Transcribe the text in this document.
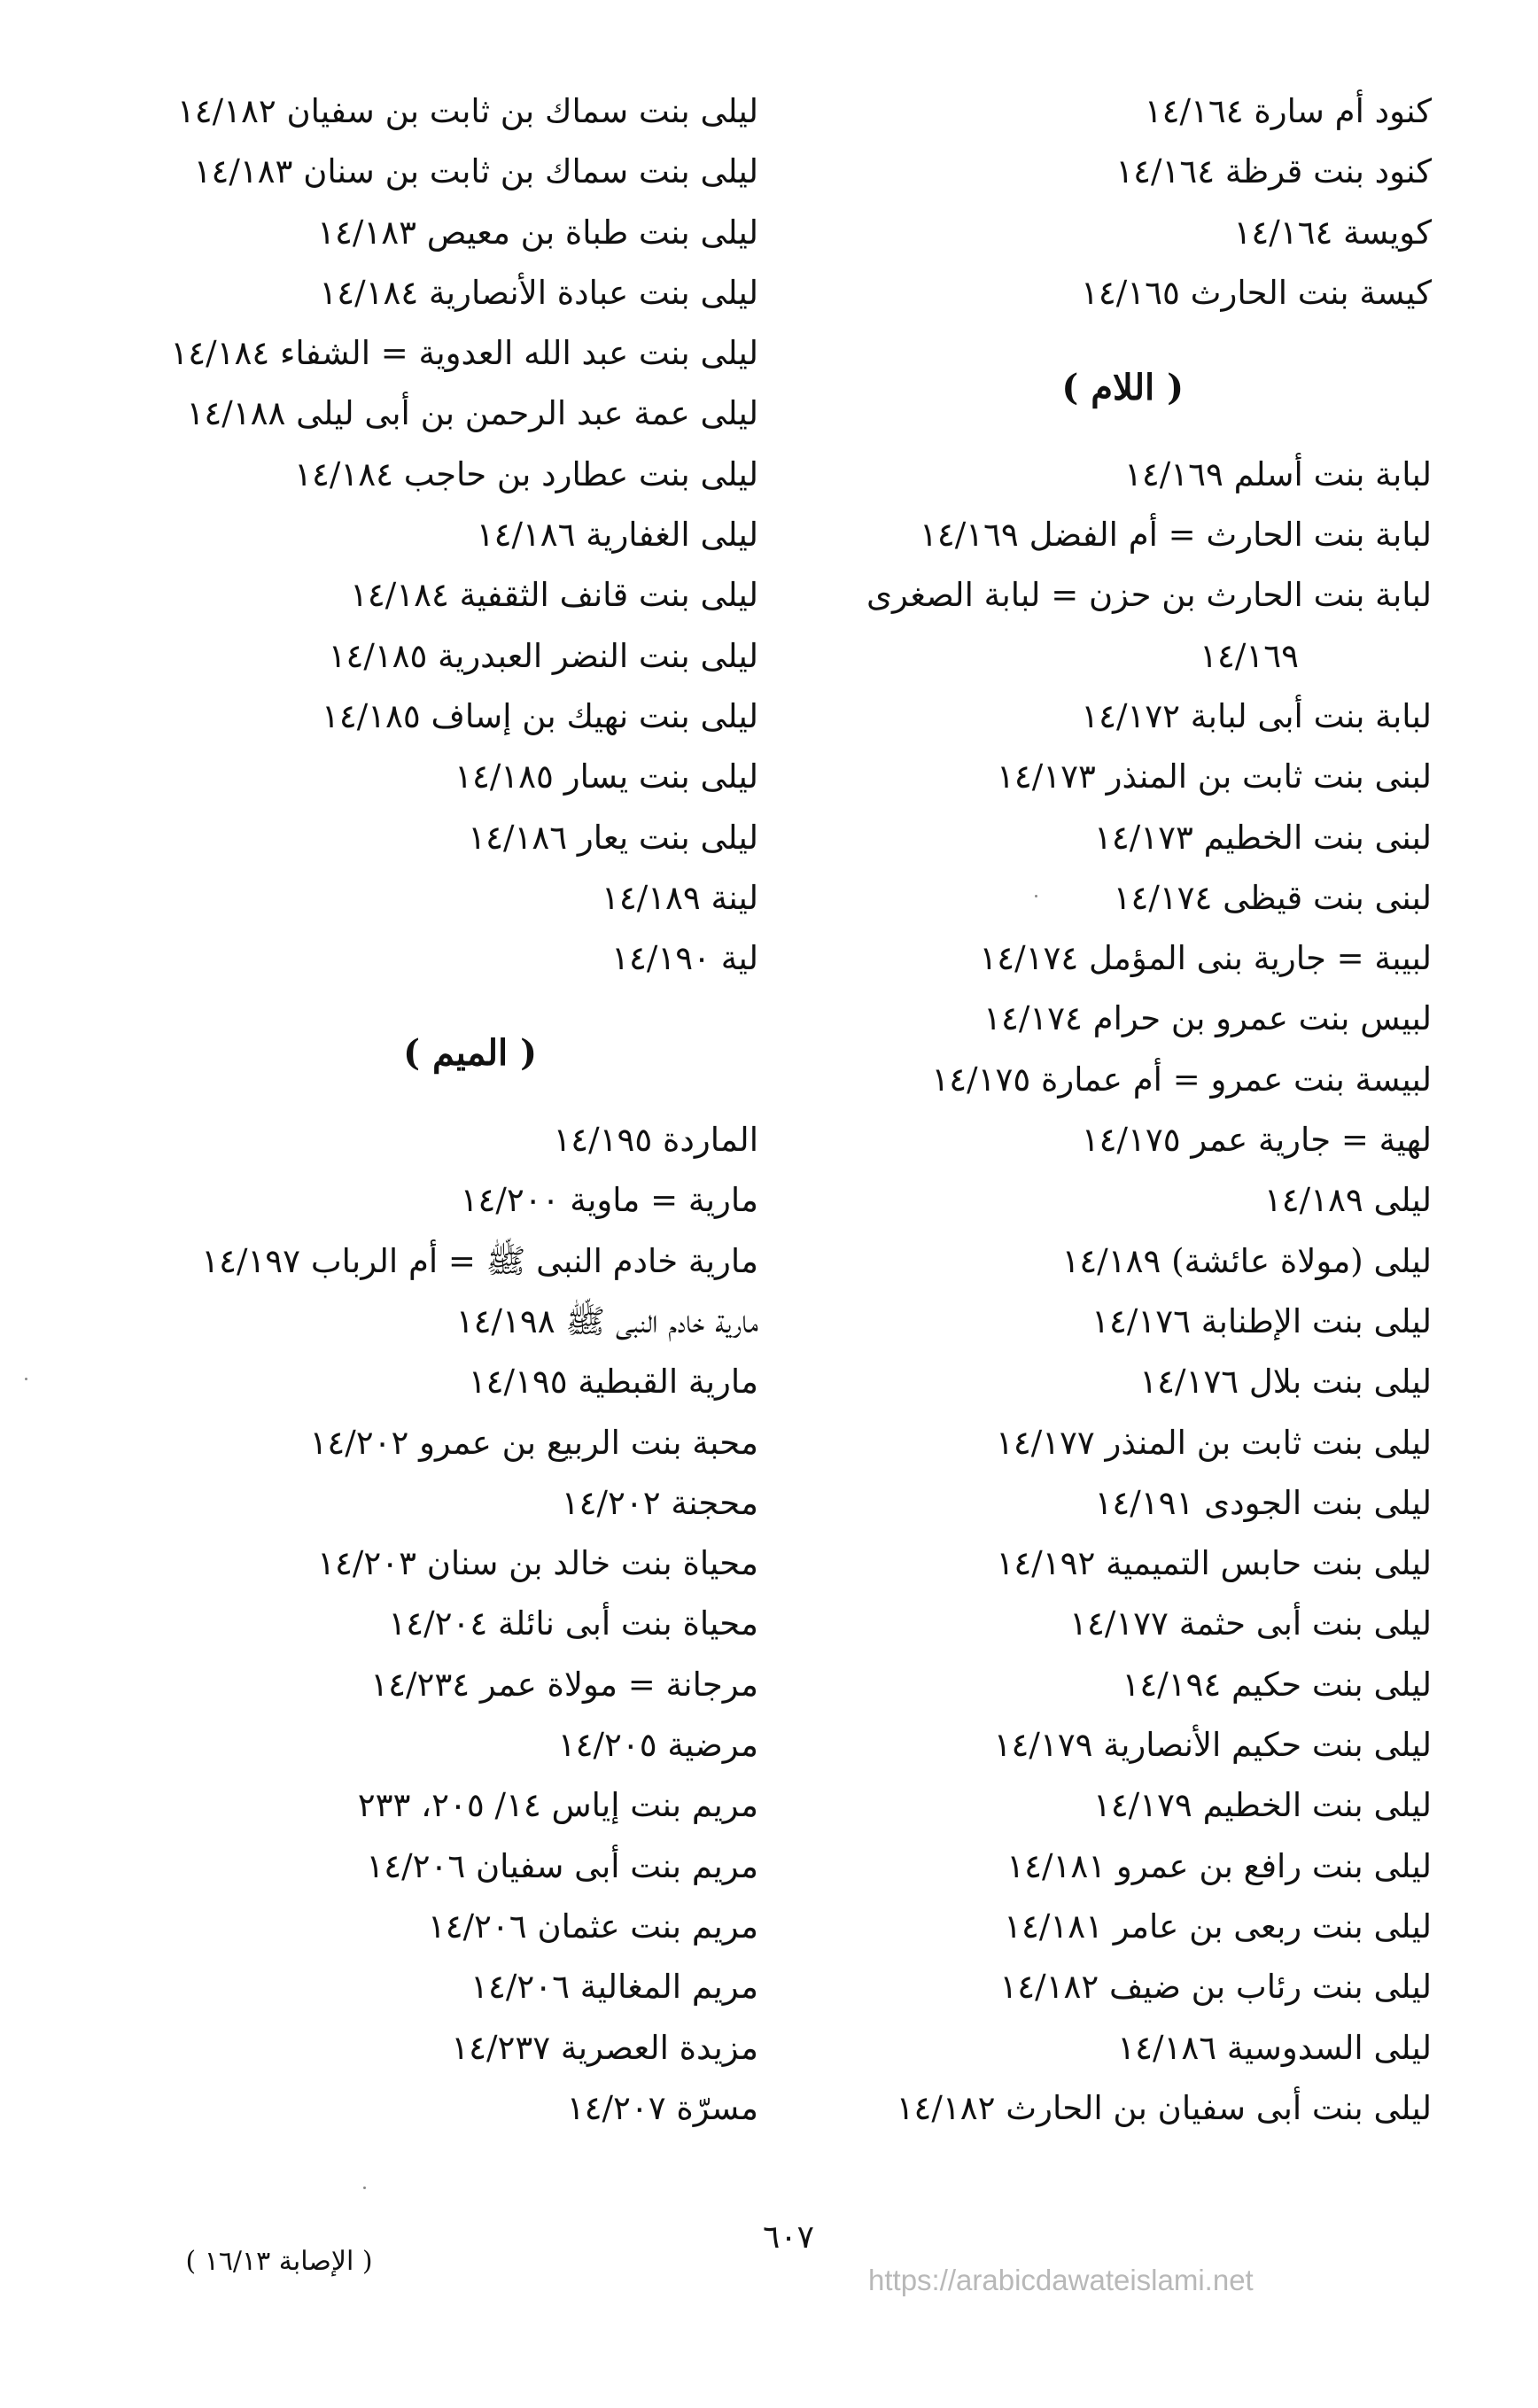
كنود أم سارة ١٤/١٦٤
كنود بنت قرظة ١٤/١٦٤
كويسة ١٤/١٦٤
كيسة بنت الحارث ١٤/١٦٥
( اللام )
لبابة بنت أسلم ١٤/١٦٩
لبابة بنت الحارث = أم الفضل ١٤/١٦٩
لبابة بنت الحارث بن حزن = لبابة الصغرى
١٤/١٦٩
لبابة بنت أبى لبابة ١٤/١٧٢
لبنى بنت ثابت بن المنذر ١٤/١٧٣
لبنى بنت الخطيم ١٤/١٧٣
لبنى بنت قيظى ١٤/١٧٤
لبيبة = جارية بنى المؤمل ١٤/١٧٤
لبيس بنت عمرو بن حرام ١٤/١٧٤
لبيسة بنت عمرو = أم عمارة ١٤/١٧٥
لهية = جارية عمر ١٤/١٧٥
ليلى ١٤/١٨٩
ليلى (مولاة عائشة) ١٤/١٨٩
ليلى بنت الإطنابة ١٤/١٧٦
ليلى بنت بلال ١٤/١٧٦
ليلى بنت ثابت بن المنذر ١٤/١٧٧
ليلى بنت الجودى ١٤/١٩١
ليلى بنت حابس التميمية ١٤/١٩٢
ليلى بنت أبى حثمة ١٤/١٧٧
ليلى بنت حكيم ١٤/١٩٤
ليلى بنت حكيم الأنصارية ١٤/١٧٩
ليلى بنت الخطيم ١٤/١٧٩
ليلى بنت رافع بن عمرو ١٤/١٨١
ليلى بنت ربعى بن عامر ١٤/١٨١
ليلى بنت رئاب بن ضيف ١٤/١٨٢
ليلى السدوسية ١٤/١٨٦
ليلى بنت أبى سفيان بن الحارث ١٤/١٨٢
ليلى بنت سماك بن ثابت بن سفيان ١٤/١٨٢
ليلى بنت سماك بن ثابت بن سنان ١٤/١٨٣
ليلى بنت طباة بن معيص ١٤/١٨٣
ليلى بنت عبادة الأنصارية ١٤/١٨٤
ليلى بنت عبد الله العدوية = الشفاء ١٤/١٨٤
ليلى عمة عبد الرحمن بن أبى ليلى ١٤/١٨٨
ليلى بنت عطارد بن حاجب ١٤/١٨٤
ليلى الغفارية ١٤/١٨٦
ليلى بنت قانف الثقفية ١٤/١٨٤
ليلى بنت النضر العبدرية ١٤/١٨٥
ليلى بنت نهيك بن إساف ١٤/١٨٥
ليلى بنت يسار ١٤/١٨٥
ليلى بنت يعار ١٤/١٨٦
لينة ١٤/١٨٩
لية ١٤/١٩٠
( الميم )
الماردة ١٤/١٩٥
مارية = ماوية ١٤/٢٠٠
مارية خادم النبى ﷺ = أم الرباب ١٤/١٩٧
مارية خادم النبى ﷺ ١٤/١٩٨
مارية القبطية ١٤/١٩٥
محبة بنت الربيع بن عمرو ١٤/٢٠٢
محجنة ١٤/٢٠٢
محياة بنت خالد بن سنان ١٤/٢٠٣
محياة بنت أبى نائلة ١٤/٢٠٤
مرجانة = مولاة عمر ١٤/٢٣٤
مرضية ١٤/٢٠٥
مريم بنت إياس ١٤/ ٢٠٥، ٢٣٣
مريم بنت أبى سفيان ١٤/٢٠٦
مريم بنت عثمان ١٤/٢٠٦
مريم المغالية ١٤/٢٠٦
مزيدة العصرية ١٤/٢٣٧
مسرّة ١٤/٢٠٧
٦٠٧
( الإصابة ١٦/١٣ )
https://arabicdawateislami.net
